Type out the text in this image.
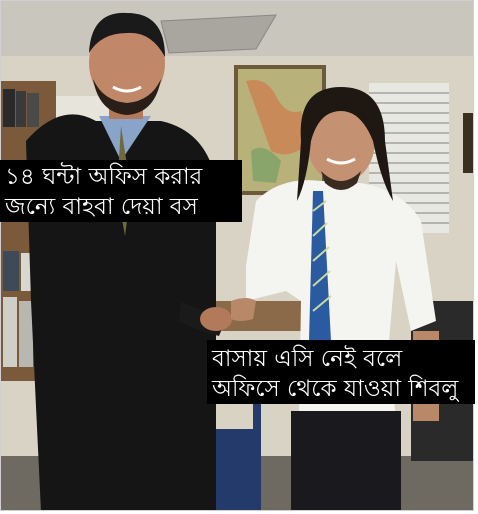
১৪ ঘন্টা অফিস করার
জন্যে বাহবা দেয়া বস
বাসায় এসি নেই বলে
অফিসে থেকে যাওয়া শিবলু
